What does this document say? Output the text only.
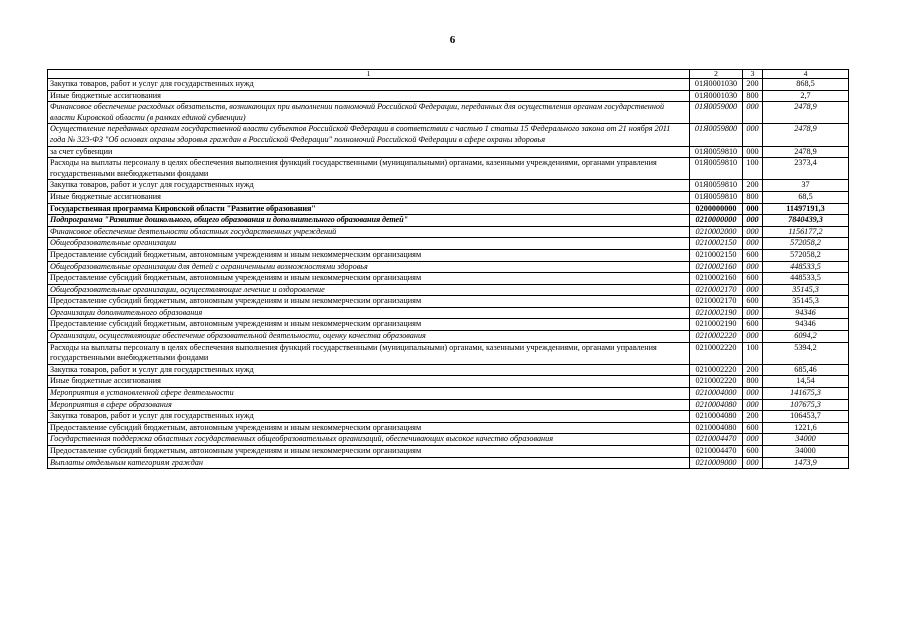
6
1	2	3	4
Закупка товаров, работ и услуг для государственных нужд	01Я0001030	200	868,5
Иные бюджетные ассигнования	01Я0001030	800	2,7
Финансовое обеспечение расходных обязательств, возникающих при выполнении полномочий Российской Федерации, переданных для осуществления органам государственной власти Кировской области (в рамках единой субвенции)	01Я0059000	000	2478,9
Осуществление переданных органам государственной власти субъектов Российской Федерации в соответствии с частью 1 статьи 15 Федерального закона от 21 ноября 2011 года № 323-ФЗ "Об основах охраны здоровья граждан в Российской Федерации" полномочий Российской Федерации в сфере охраны здоровья	01Я0059800	000	2478,9
за счет субвенции	01Я0059810	000	2478,9
Расходы на выплаты персоналу в целях обеспечения выполнения функций государственными (муниципальными) органами, казенными учреждениями, органами управления государственными внебюджетными фондами	01Я0059810	100	2373,4
Закупка товаров, работ и услуг для государственных нужд	01Я0059810	200	37
Иные бюджетные ассигнования	01Я0059810	800	68,5
Государственная программа Кировской области "Развитие образования"	0200000000	000	11497191,3
Подпрограмма "Развитие дошкольного, общего образования и дополнительного образования детей"	0210000000	000	7840439,3
Финансовое обеспечение деятельности областных государственных учреждений	0210002000	000	1156177,2
Общеобразовательные организации	0210002150	000	572058,2
Предоставление субсидий бюджетным, автономным учреждениям и иным некоммерческим организациям	0210002150	600	572058,2
Общеобразовательные организации для детей с ограниченными возможностями здоровья	0210002160	000	448533,5
Предоставление субсидий бюджетным, автономным учреждениям и иным некоммерческим организациям	0210002160	600	448533,5
Общеобразовательные организации, осуществляющие лечение и оздоровление	0210002170	000	35145,3
Предоставление субсидий бюджетным, автономным учреждениям и иным некоммерческим организациям	0210002170	600	35145,3
Организации дополнительного образования	0210002190	000	94346
Предоставление субсидий бюджетным, автономным учреждениям и иным некоммерческим организациям	0210002190	600	94346
Организации, осуществляющие обеспечение образовательной деятельности, оценку качества образования	0210002220	000	6094,2
Расходы на выплаты персоналу в целях обеспечения выполнения функций государственными (муниципальными) органами, казенными учреждениями, органами управления государственными внебюджетными фондами	0210002220	100	5394,2
Закупка товаров, работ и услуг для государственных нужд	0210002220	200	685,46
Иные бюджетные ассигнования	0210002220	800	14,54
Мероприятия в установленной сфере деятельности	0210004000	000	141675,3
Мероприятия в сфере образования	0210004080	000	107675,3
Закупка товаров, работ и услуг для государственных нужд	0210004080	200	106453,7
Предоставление субсидий бюджетным, автономным учреждениям и иным некоммерческим организациям	0210004080	600	1221,6
Государственная поддержка областных государственных общеобразовательных организаций, обеспечивающих высокое качество образования	0210004470	000	34000
Предоставление субсидий бюджетным, автономным учреждениям и иным некоммерческим организациям	0210004470	600	34000
Выплаты отдельным категориям граждан	0210009000	000	1473,9
